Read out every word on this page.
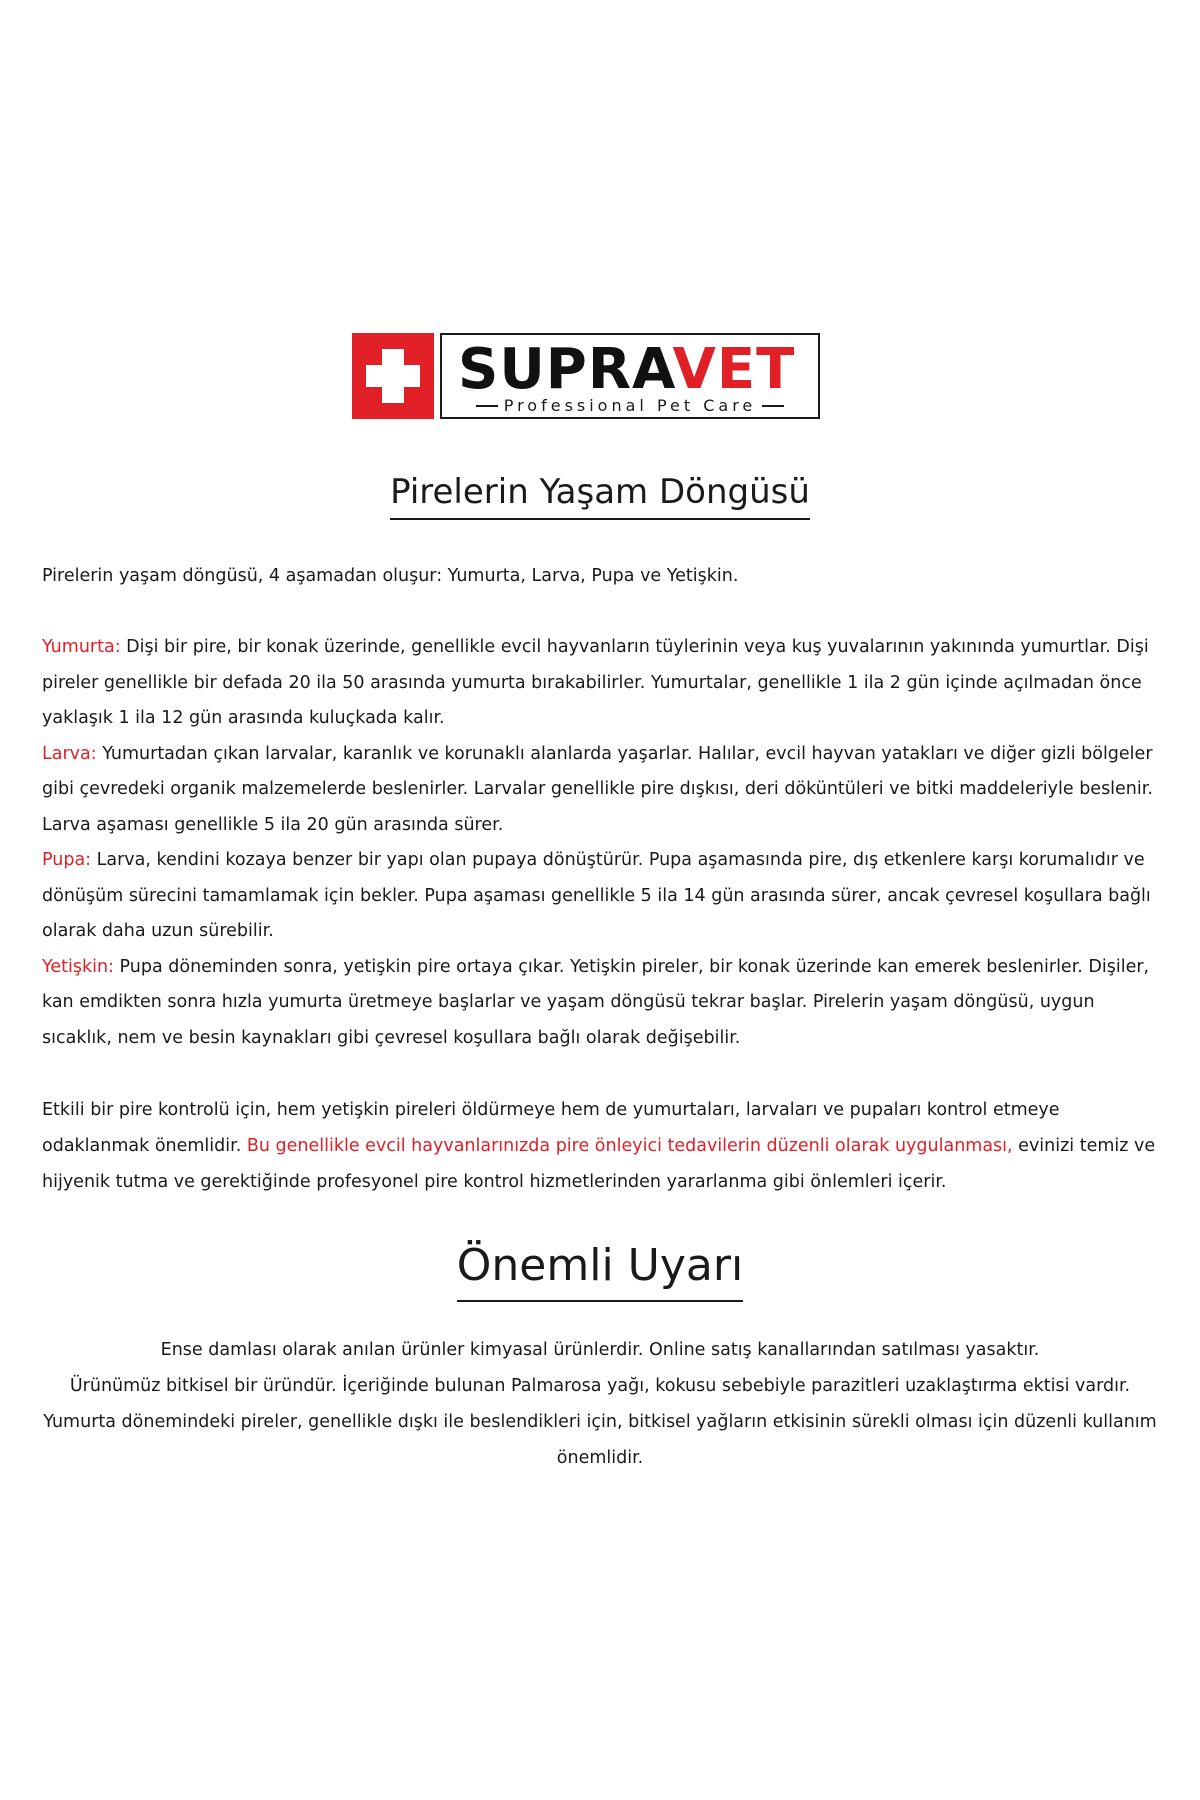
SUPRAVET
Professional Pet Care
Pirelerin Yaşam Döngüsü
Pirelerin yaşam döngüsü, 4 aşamadan oluşur: Yumurta, Larva, Pupa ve Yetişkin.

Yumurta: Dişi bir pire, bir konak üzerinde, genellikle evcil hayvanların tüylerinin veya kuş yuvalarının yakınında yumurtlar. Dişi pireler genellikle bir defada 20 ila 50 arasında yumurta bırakabilirler. Yumurtalar, genellikle 1 ila 2 gün içinde açılmadan önce yaklaşık 1 ila 12 gün arasında kuluçkada kalır.

Larva: Yumurtadan çıkan larvalar, karanlık ve korunaklı alanlarda yaşarlar. Halılar, evcil hayvan yatakları ve diğer gizli bölgeler gibi çevredeki organik malzemelerde beslenirler. Larvalar genellikle pire dışkısı, deri döküntüleri ve bitki maddeleriyle beslenir. Larva aşaması genellikle 5 ila 20 gün arasında sürer.

Pupa: Larva, kendini kozaya benzer bir yapı olan pupaya dönüştürür. Pupa aşamasında pire, dış etkenlere karşı korumalıdır ve dönüşüm sürecini tamamlamak için bekler. Pupa aşaması genellikle 5 ila 14 gün arasında sürer, ancak çevresel koşullara bağlı olarak daha uzun sürebilir.

Yetişkin: Pupa döneminden sonra, yetişkin pire ortaya çıkar. Yetişkin pireler, bir konak üzerinde kan emerek beslenirler. Dişiler, kan emdikten sonra hızla yumurta üretmeye başlarlar ve yaşam döngüsü tekrar başlar. Pirelerin yaşam döngüsü, uygun sıcaklık, nem ve besin kaynakları gibi çevresel koşullara bağlı olarak değişebilir.

Etkili bir pire kontrolü için, hem yetişkin pireleri öldürmeye hem de yumurtaları, larvaları ve pupaları kontrol etmeye odaklanmak önemlidir. Bu genellikle evcil hayvanlarınızda pire önleyici tedavilerin düzenli olarak uygulanması, evinizi temiz ve hijyenik tutma ve gerektiğinde profesyonel pire kontrol hizmetlerinden yararlanma gibi önlemleri içerir.

Önemli Uyarı

Ense damlası olarak anılan ürünler kimyasal ürünlerdir. Online satış kanallarından satılması yasaktır.

Ürünümüz bitkisel bir üründür. İçeriğinde bulunan Palmarosa yağı, kokusu sebebiyle parazitleri uzaklaştırma ektisi vardır.

Yumurta dönemindeki pireler, genellikle dışkı ile beslendikleri için, bitkisel yağların etkisinin sürekli olması için düzenli kullanım önemlidir.
